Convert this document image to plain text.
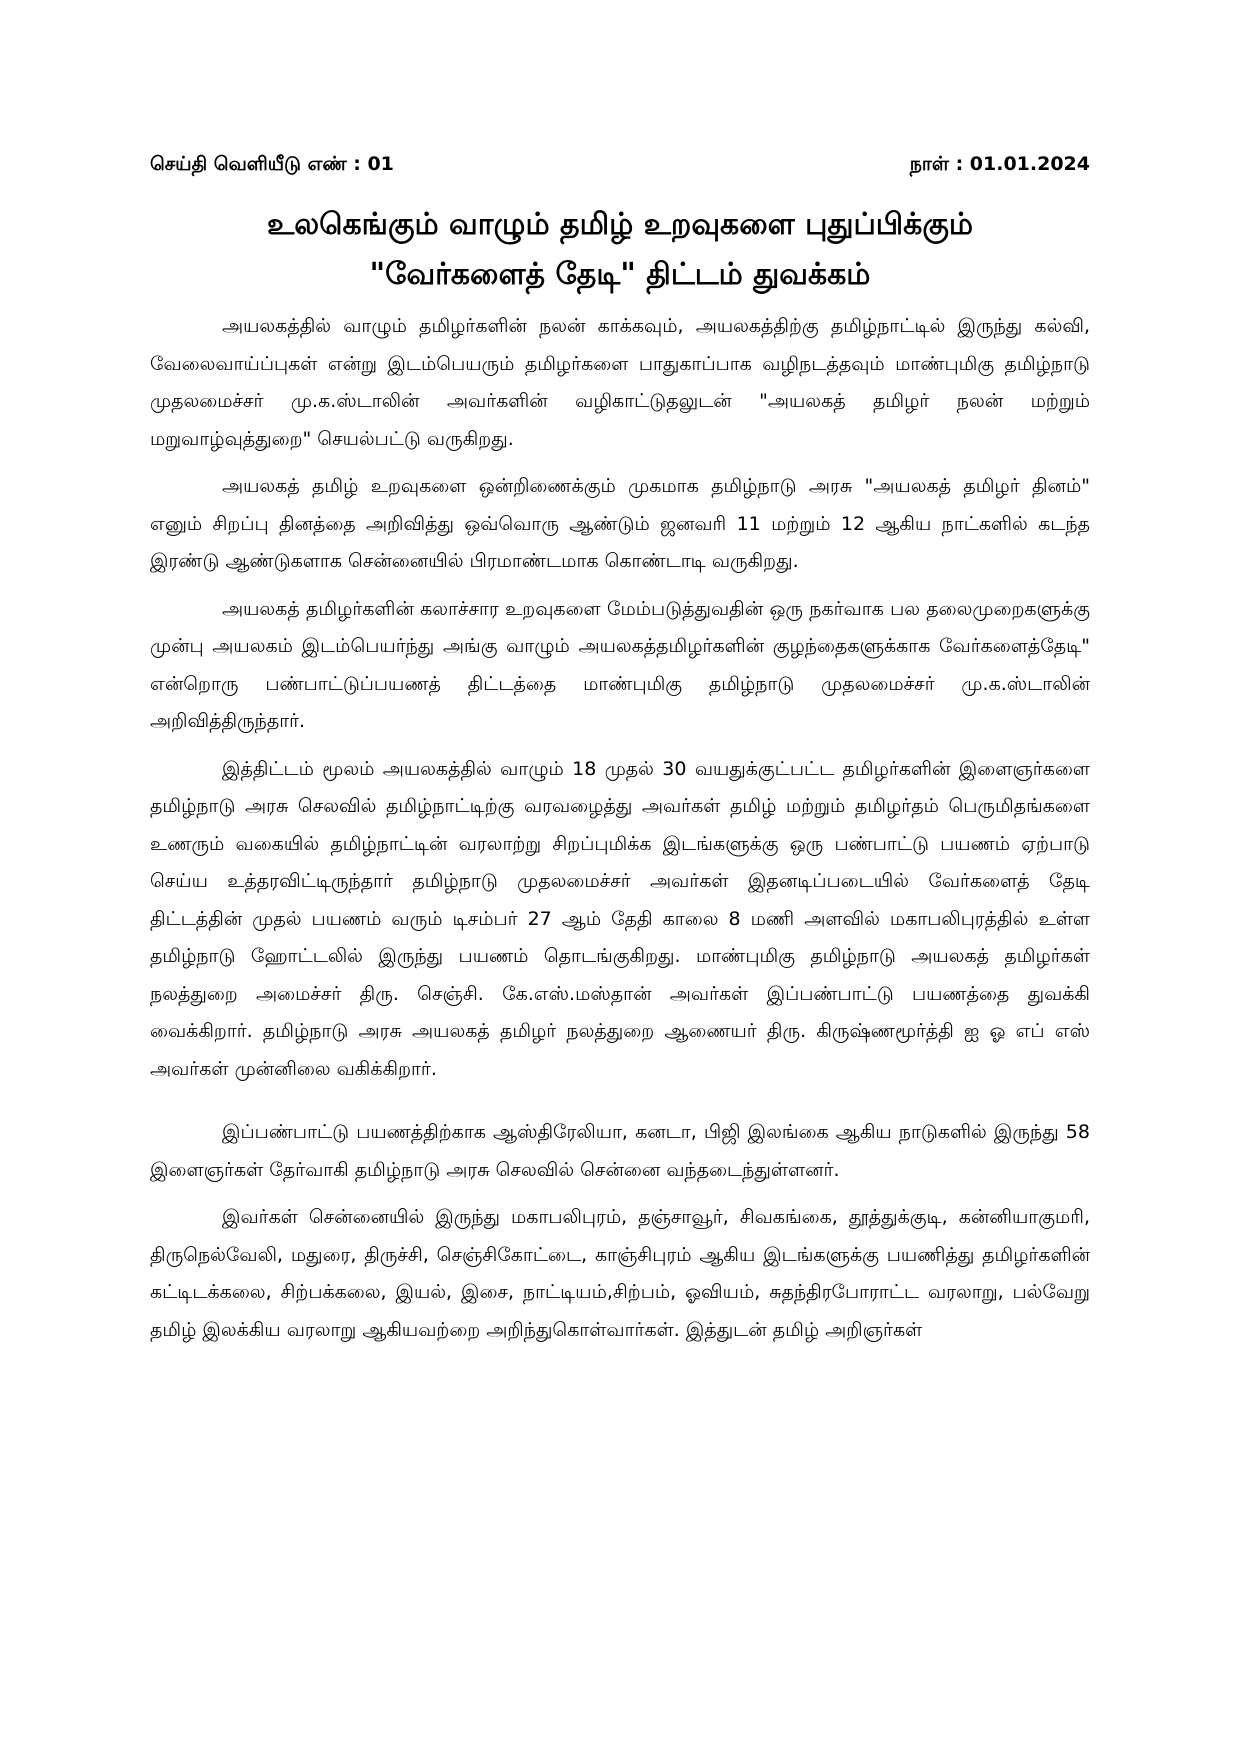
செய்தி வெளியீடு எண் : 01	நாள் : 01.01.2024
உலகெங்கும் வாழும் தமிழ் உறவுகளை புதுப்பிக்கும்
"வேர்களைத் தேடி" திட்டம் துவக்கம்

அயலகத்தில் வாழும் தமிழர்களின் நலன் காக்கவும், அயலகத்திற்கு தமிழ்நாட்டில் இருந்து கல்வி, வேலைவாய்ப்புகள் என்று இடம்பெயரும் தமிழர்களை பாதுகாப்பாக வழிநடத்தவும் மாண்புமிகு தமிழ்நாடு முதலமைச்சர் மு.க.ஸ்டாலின் அவர்களின் வழிகாட்டுதலுடன் "அயலகத் தமிழர் நலன் மற்றும் மறுவாழ்வுத்துறை" செயல்பட்டு வருகிறது.

அயலகத் தமிழ் உறவுகளை ஒன்றிணைக்கும் முகமாக தமிழ்நாடு அரசு "அயலகத் தமிழர் தினம்" எனும் சிறப்பு தினத்தை அறிவித்து ஒவ்வொரு ஆண்டும் ஜனவரி 11 மற்றும் 12 ஆகிய நாட்களில் கடந்த இரண்டு ஆண்டுகளாக சென்னையில் பிரமாண்டமாக கொண்டாடி வருகிறது.

அயலகத் தமிழர்களின் கலாச்சார உறவுகளை மேம்படுத்துவதின் ஒரு நகர்வாக பல தலைமுறைகளுக்கு முன்பு அயலகம் இடம்பெயர்ந்து அங்கு வாழும் அயலகத்தமிழர்களின் குழந்தைகளுக்காக வேர்களைத்தேடி" என்றொரு பண்பாட்டுப்பயணத் திட்டத்தை மாண்புமிகு தமிழ்நாடு முதலமைச்சர் மு.க.ஸ்டாலின் அறிவித்திருந்தார்.

இத்திட்டம் மூலம் அயலகத்தில் வாழும் 18 முதல் 30 வயதுக்குட்பட்ட தமிழர்களின் இளைஞர்களை தமிழ்நாடு அரசு செலவில் தமிழ்நாட்டிற்கு வரவழைத்து அவர்கள் தமிழ் மற்றும் தமிழர்தம் பெருமிதங்களை உணரும் வகையில் தமிழ்நாட்டின் வரலாற்று சிறப்புமிக்க இடங்களுக்கு ஒரு பண்பாட்டு பயணம் ஏற்பாடு செய்ய உத்தரவிட்டிருந்தார் தமிழ்நாடு முதலமைச்சர் அவர்கள் இதனடிப்படையில் வேர்களைத் தேடி திட்டத்தின் முதல் பயணம் வரும் டிசம்பர் 27 ஆம் தேதி காலை 8 மணி அளவில் மகாபலிபுரத்தில் உள்ள தமிழ்நாடு ஹோட்டலில் இருந்து பயணம் தொடங்குகிறது. மாண்புமிகு தமிழ்நாடு அயலகத் தமிழர்கள் நலத்துறை அமைச்சர் திரு. செஞ்சி. கே.எஸ்.மஸ்தான் அவர்கள் இப்பண்பாட்டு பயணத்தை துவக்கி வைக்கிறார். தமிழ்நாடு அரசு அயலகத் தமிழர் நலத்துறை ஆணையர் திரு. கிருஷ்ணமூர்த்தி ஐ ஓ எப் எஸ் அவர்கள் முன்னிலை வகிக்கிறார்.

இப்பண்பாட்டு பயணத்திற்காக ஆஸ்திரேலியா, கனடா, பிஜி இலங்கை ஆகிய நாடுகளில் இருந்து 58 இளைஞர்கள் தேர்வாகி தமிழ்நாடு அரசு செலவில் சென்னை வந்தடைந்துள்ளனர்.

இவர்கள் சென்னையில் இருந்து மகாபலிபுரம், தஞ்சாவூர், சிவகங்கை, தூத்துக்குடி, கன்னியாகுமரி, திருநெல்வேலி, மதுரை, திருச்சி, செஞ்சிகோட்டை, காஞ்சிபுரம் ஆகிய இடங்களுக்கு பயணித்து தமிழர்களின் கட்டிடக்கலை, சிற்பக்கலை, இயல், இசை, நாட்டியம்,சிற்பம், ஓவியம், சுதந்திரபோராட்ட வரலாறு, பல்வேறு தமிழ் இலக்கிய வரலாறு ஆகியவற்றை அறிந்துகொள்வார்கள். இத்துடன் தமிழ் அறிஞர்கள்
